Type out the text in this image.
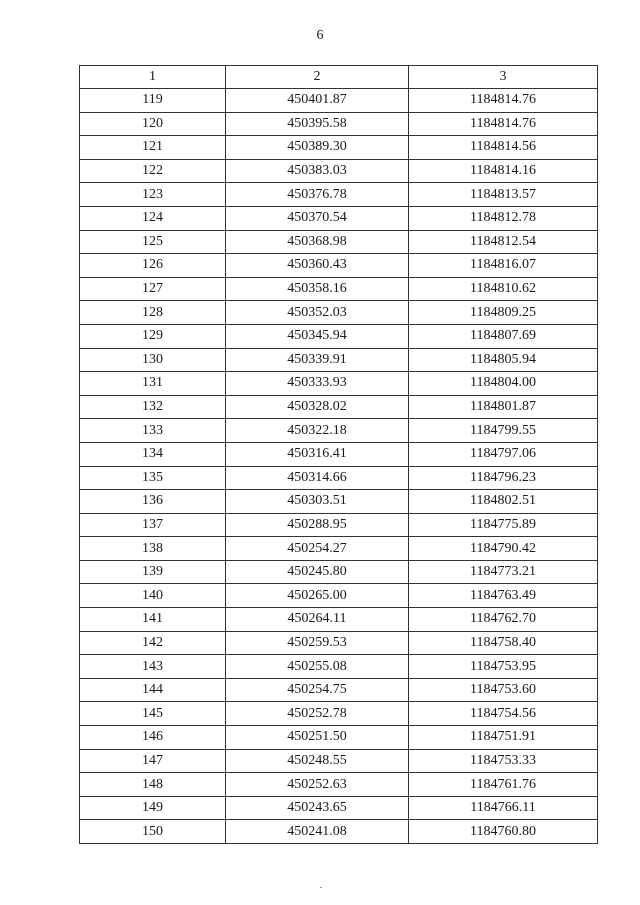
6
1	2	3
119	450401.87	1184814.76
120	450395.58	1184814.76
121	450389.30	1184814.56
122	450383.03	1184814.16
123	450376.78	1184813.57
124	450370.54	1184812.78
125	450368.98	1184812.54
126	450360.43	1184816.07
127	450358.16	1184810.62
128	450352.03	1184809.25
129	450345.94	1184807.69
130	450339.91	1184805.94
131	450333.93	1184804.00
132	450328.02	1184801.87
133	450322.18	1184799.55
134	450316.41	1184797.06
135	450314.66	1184796.23
136	450303.51	1184802.51
137	450288.95	1184775.89
138	450254.27	1184790.42
139	450245.80	1184773.21
140	450265.00	1184763.49
141	450264.11	1184762.70
142	450259.53	1184758.40
143	450255.08	1184753.95
144	450254.75	1184753.60
145	450252.78	1184754.56
146	450251.50	1184751.91
147	450248.55	1184753.33
148	450252.63	1184761.76
149	450243.65	1184766.11
150	450241.08	1184760.80
